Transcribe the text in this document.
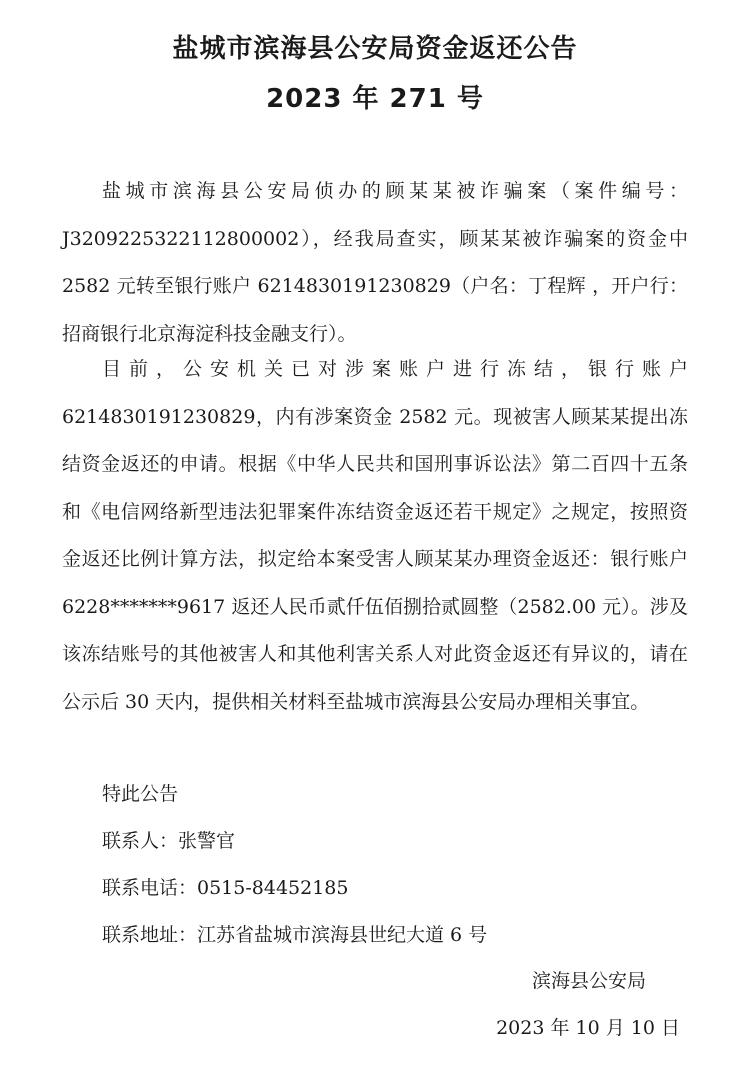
盐城市滨海县公安局资金返还公告
2023 年 271 号
盐城市滨海县公安局侦办的顾某某被诈骗案（案件编号：J3209225322112800002），经我局查实，顾某某被诈骗案的资金中2582 元转至银行账户 6214830191230829（户名：丁程辉 ，开户行：招商银行北京海淀科技金融支行）。
目前，公安机关已对涉案账户进行冻结，银行账户6214830191230829，内有涉案资金 2582 元。现被害人顾某某提出冻结资金返还的申请。根据《中华人民共和国刑事诉讼法》第二百四十五条和《电信网络新型违法犯罪案件冻结资金返还若干规定》之规定，按照资金返还比例计算方法，拟定给本案受害人顾某某办理资金返还：银行账户 6228*******9617 返还人民币贰仟伍佰捌拾贰圆整（2582.00 元）。涉及该冻结账号的其他被害人和其他利害关系人对此资金返还有异议的，请在公示后 30 天内，提供相关材料至盐城市滨海县公安局办理相关事宜。
特此公告
联系人：张警官
联系电话：0515-84452185
联系地址：江苏省盐城市滨海县世纪大道 6 号
滨海县公安局
2023 年 10 月 10 日
